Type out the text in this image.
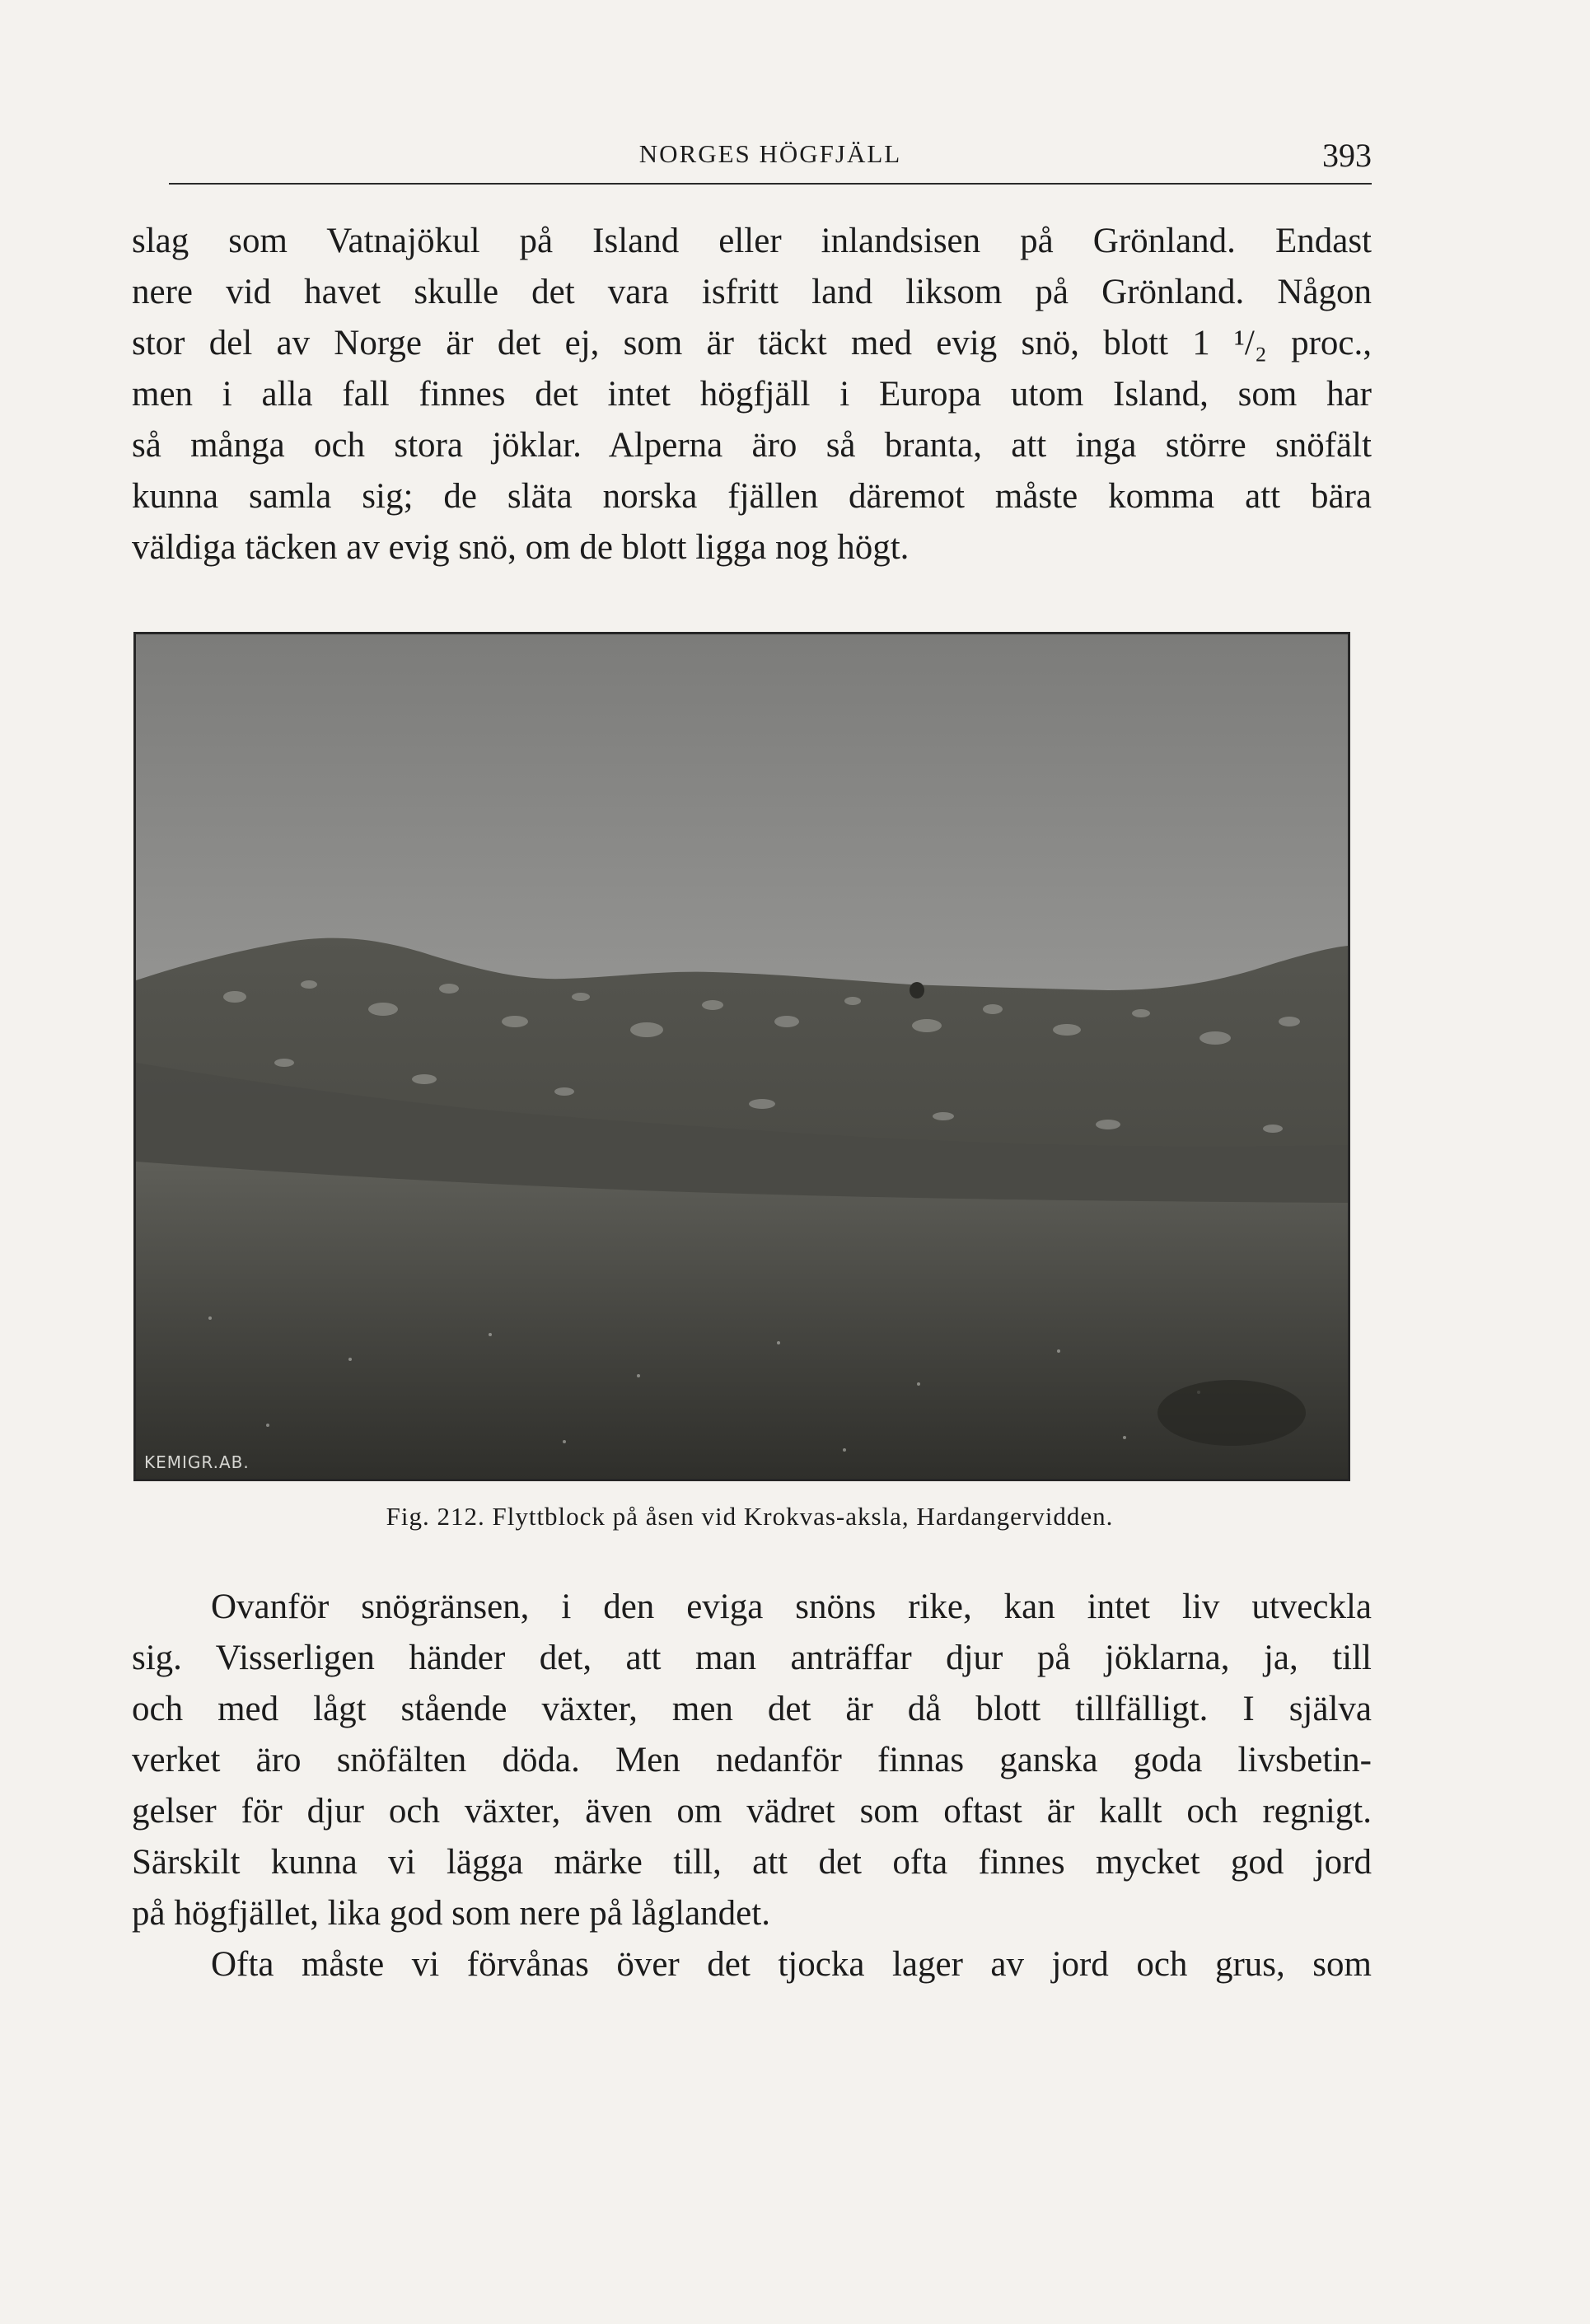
NORGES HÖGFJÄLL	393

slag som Vatnajökul på Island eller inlandsisen på Grönland. Endast
nere vid havet skulle det vara isfritt land liksom på Grönland. Någon
stor del av Norge är det ej, som är täckt med evig snö, blott 1 ¹/₂ proc.,
men i alla fall finnes det intet högfjäll i Europa utom Island, som har
så många och stora jöklar. Alperna äro så branta, att inga större snöfält
kunna samla sig; de släta norska fjällen däremot måste komma att bära
väldiga täcken av evig snö, om de blott ligga nog högt.

KEMIGR.AB.
Fig. 212. Flyttblock på åsen vid Krokvas-aksla, Hardangervidden.

Ovanför snögränsen, i den eviga snöns rike, kan intet liv utveckla
sig. Visserligen händer det, att man anträffar djur på jöklarna, ja, till
och med lågt stående växter, men det är då blott tillfälligt. I själva
verket äro snöfälten döda. Men nedanför finnas ganska goda livsbetin-
gelser för djur och växter, även om vädret som oftast är kallt och regnigt.
Särskilt kunna vi lägga märke till, att det ofta finnes mycket god jord
på högfjället, lika god som nere på låglandet.

Ofta måste vi förvånas över det tjocka lager av jord och grus, som
